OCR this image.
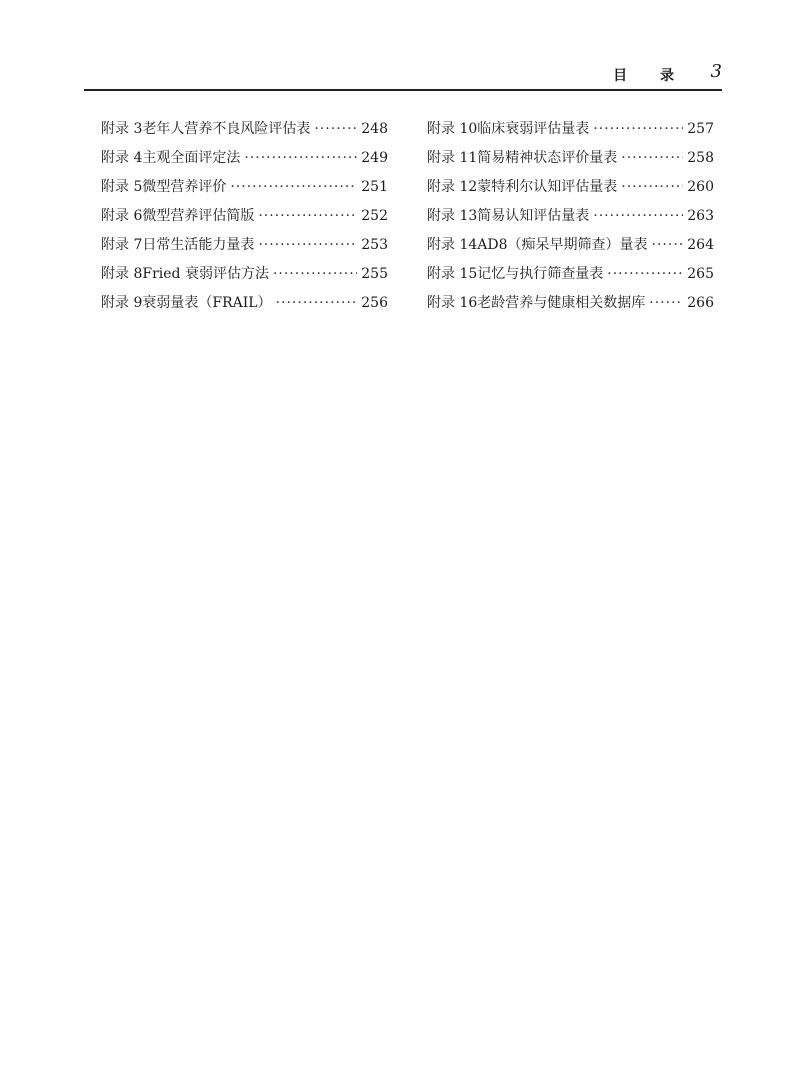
目 录 3
附录 3 老年人营养不良风险评估表 ·····	248
附录 4 主观全面评定法 ·····	249
附录 5 微型营养评价 ·····	251
附录 6 微型营养评估简版 ·····	252
附录 7 日常生活能力量表 ·····	253
附录 8 Fried 衰弱评估方法 ·····	255
附录 9 衰弱量表（FRAIL） ·····	256
附录 10 临床衰弱评估量表 ·····	257
附录 11 简易精神状态评价量表 ·····	258
附录 12 蒙特利尔认知评估量表 ·····	260
附录 13 简易认知评估量表 ·····	263
附录 14 AD8（痴呆早期筛查）量表 ·····	264
附录 15 记忆与执行筛查量表 ·····	265
附录 16 老龄营养与健康相关数据库 ·····	266
